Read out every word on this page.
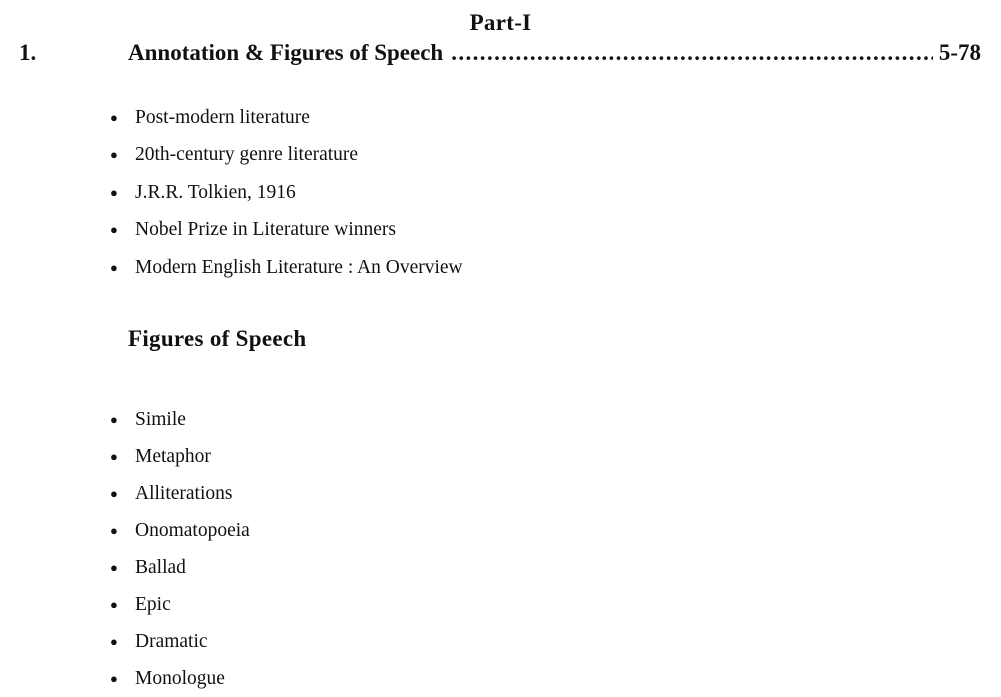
Part-I
1.	Annotation & Figures of Speech
.....	5-78
● Post-modern literature
● 20th-century genre literature
● J.R.R. Tolkien, 1916
● Nobel Prize in Literature winners
● Modern English Literature : An Overview
Figures of Speech
● Simile
● Metaphor
● Alliterations
● Onomatopoeia
● Ballad
● Epic
● Dramatic
● Monologue
